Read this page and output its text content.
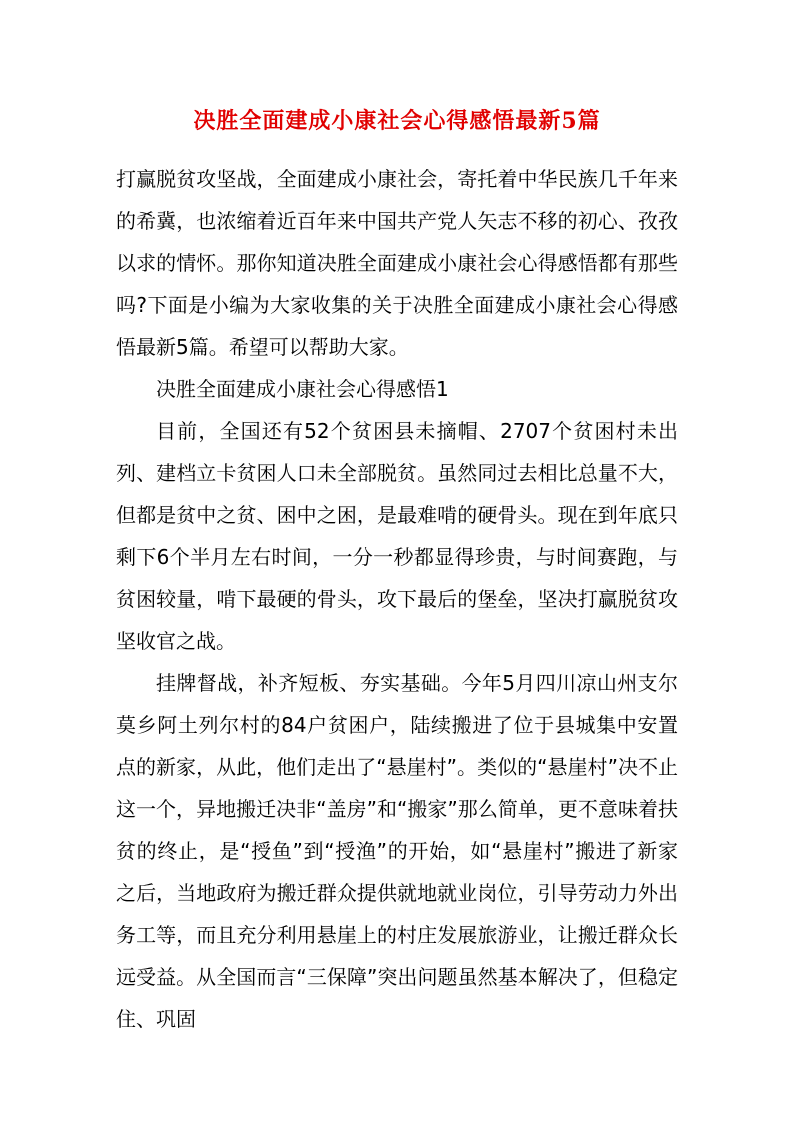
决胜全面建成小康社会心得感悟最新5篇

打赢脱贫攻坚战，全面建成小康社会，寄托着中华民族几千年来的希冀，也浓缩着近百年来中国共产党人矢志不移的初心、孜孜以求的情怀。那你知道决胜全面建成小康社会心得感悟都有那些吗?下面是小编为大家收集的关于决胜全面建成小康社会心得感悟最新5篇。希望可以帮助大家。

决胜全面建成小康社会心得感悟1

目前，全国还有52个贫困县未摘帽、2707个贫困村未出列、建档立卡贫困人口未全部脱贫。虽然同过去相比总量不大，但都是贫中之贫、困中之困，是最难啃的硬骨头。现在到年底只剩下6个半月左右时间，一分一秒都显得珍贵，与时间赛跑，与贫困较量，啃下最硬的骨头，攻下最后的堡垒，坚决打赢脱贫攻坚收官之战。

挂牌督战，补齐短板、夯实基础。今年5月四川凉山州支尔莫乡阿土列尔村的84户贫困户，陆续搬进了位于县城集中安置点的新家，从此，他们走出了“悬崖村”。类似的“悬崖村”决不止这一个，异地搬迁决非“盖房”和“搬家”那么简单，更不意味着扶贫的终止，是“授鱼”到“授渔”的开始，如“悬崖村”搬进了新家之后，当地政府为搬迁群众提供就地就业岗位，引导劳动力外出务工等，而且充分利用悬崖上的村庄发展旅游业，让搬迁群众长远受益。从全国而言“三保障”突出问题虽然基本解决了，但稳定住、巩固
